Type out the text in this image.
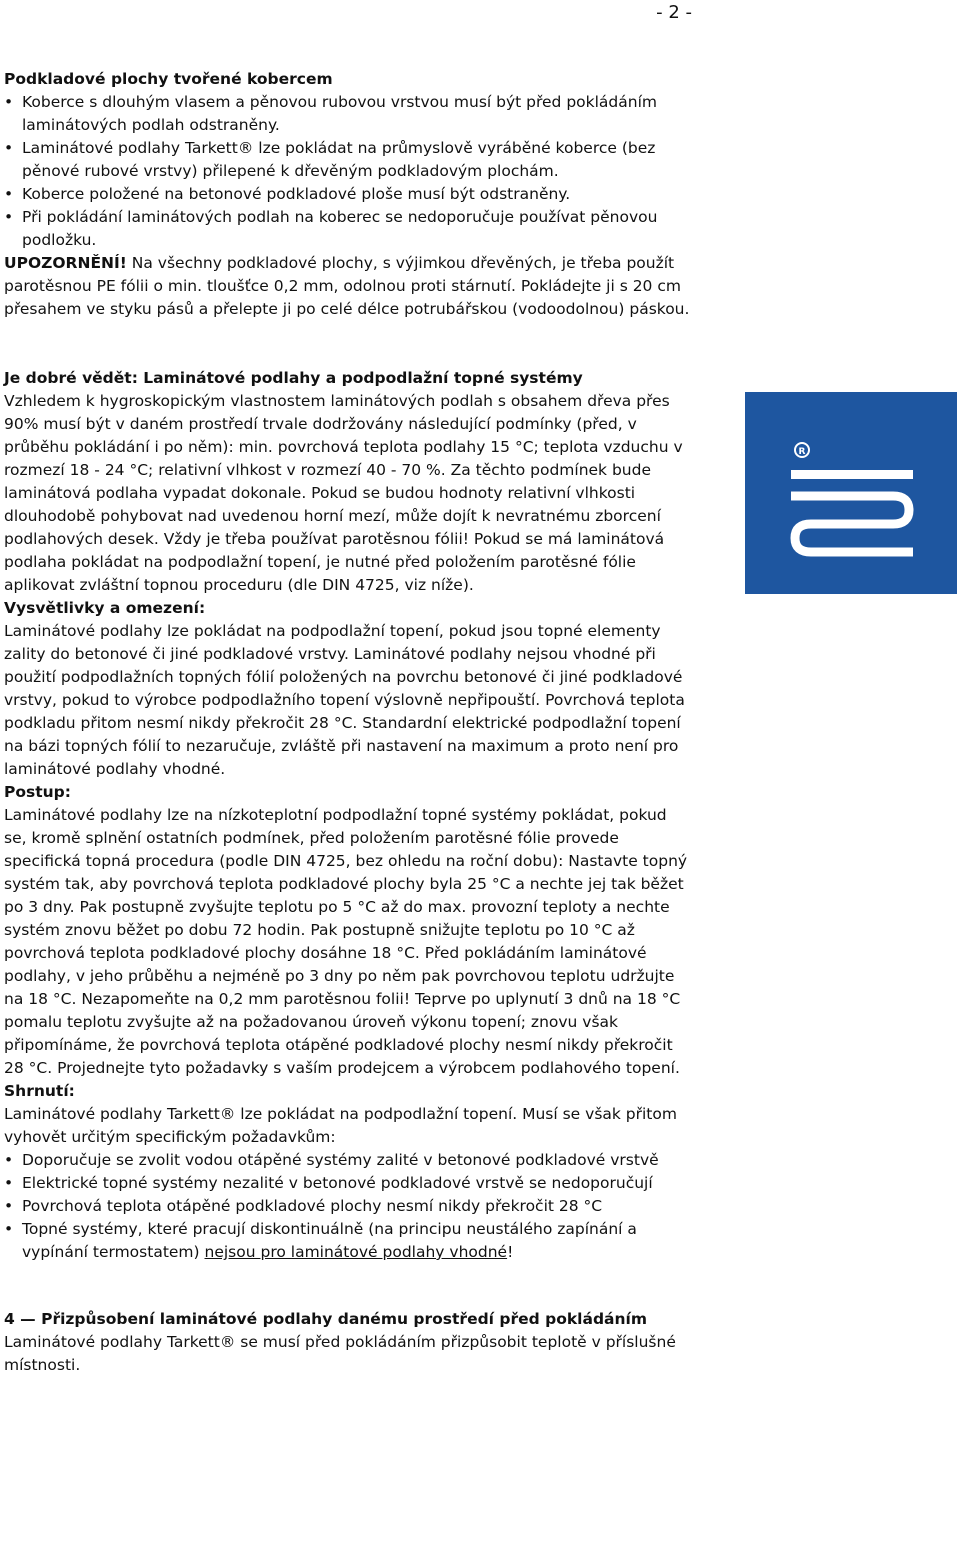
- 2 -
Podkladové plochy tvořené kobercem
• Koberce s dlouhým vlasem a pěnovou rubovou vrstvou musí být před pokládáním laminátových podlah odstraněny.
• Laminátové podlahy Tarkett® lze pokládat na průmyslově vyráběné koberce (bez pěnové rubové vrstvy) přilepené k dřevěným podkladovým plochám.
• Koberce položené na betonové podkladové ploše musí být odstraněny.
• Při pokládání laminátových podlah na koberec se nedoporučuje používat pěnovou podložku.

UPOZORNĚNÍ! Na všechny podkladové plochy, s výjimkou dřevěných, je třeba použít parotěsnou PE fólii o min. tloušťce 0,2 mm, odolnou proti stárnutí. Pokládejte ji s 20 cm přesahem ve styku pásů a přelepte ji po celé délce potrubářskou (vodoodolnou) páskou.

Je dobré vědět: Laminátové podlahy a podpodlažní topné systémy

Vzhledem k hygroskopickým vlastnostem laminátových podlah s obsahem dřeva přes 90% musí být v daném prostředí trvale dodržovány následující podmínky (před, v průběhu pokládání i po něm): min. povrchová teplota podlahy 15 °C; teplota vzduchu v rozmezí 18 - 24 °C; relativní vlhkost v rozmezí 40 - 70 %. Za těchto podmínek bude laminátová podlaha vypadat dokonale. Pokud se budou hodnoty relativní vlhkosti dlouhodobě pohybovat nad uvedenou horní mezí, může dojít k nevratnému zborcení podlahových desek. Vždy je třeba používat parotěsnou fólii! Pokud se má laminátová podlaha pokládat na podpodlažní topení, je nutné před položením parotěsné fólie aplikovat zvláštní topnou proceduru (dle DIN 4725, viz níže).

Vysvětlivky a omezení:

Laminátové podlahy lze pokládat na podpodlažní topení, pokud jsou topné elementy zality do betonové či jiné podkladové vrstvy. Laminátové podlahy nejsou vhodné při použití podpodlažních topných fólií položených na povrchu betonové či jiné podkladové vrstvy, pokud to výrobce podpodlažního topení výslovně nepřipouští. Povrchová teplota podkladu přitom nesmí nikdy překročit 28 °C. Standardní elektrické podpodlažní topení na bázi topných fólií to nezaručuje, zvláště při nastavení na maximum a proto není pro laminátové podlahy vhodné.

Postup:

Laminátové podlahy lze na nízkoteplotní podpodlažní topné systémy pokládat, pokud se, kromě splnění ostatních podmínek, před položením parotěsné fólie provede specifická topná procedura (podle DIN 4725, bez ohledu na roční dobu): Nastavte topný systém tak, aby povrchová teplota podkladové plochy byla 25 °C a nechte jej tak běžet po 3 dny. Pak postupně zvyšujte teplotu po 5 °C až do max. provozní teploty a nechte systém znovu běžet po dobu 72 hodin. Pak postupně snižujte teplotu po 10 °C až povrchová teplota podkladové plochy dosáhne 18 °C. Před pokládáním laminátové podlahy, v jeho průběhu a nejméně po 3 dny po něm pak povrchovou teplotu udržujte na 18 °C. Nezapomeňte na 0,2 mm parotěsnou folii! Teprve po uplynutí 3 dnů na 18 °C pomalu teplotu zvyšujte až na požadovanou úroveň výkonu topení; znovu však připomínáme, že povrchová teplota otápěné podkladové plochy nesmí nikdy překročit 28 °C. Projednejte tyto požadavky s vaším prodejcem a výrobcem podlahového topení.

Shrnutí:

Laminátové podlahy Tarkett® lze pokládat na podpodlažní topení. Musí se však přitom vyhovět určitým specifickým požadavkům:

• Doporučuje se zvolit vodou otápěné systémy zalité v betonové podkladové vrstvě
• Elektrické topné systémy nezalité v betonové podkladové vrstvě se nedoporučují
• Povrchová teplota otápěné podkladové plochy nesmí nikdy překročit 28 °C
• Topné systémy, které pracují diskontinuálně (na principu neustálého zapínání a vypínání termostatem) nejsou pro laminátové podlahy vhodné!
4 — Přizpůsobení laminátové podlahy danému prostředí před pokládáním

Laminátové podlahy Tarkett® se musí před pokládáním přizpůsobit teplotě v příslušné místnosti.

R
